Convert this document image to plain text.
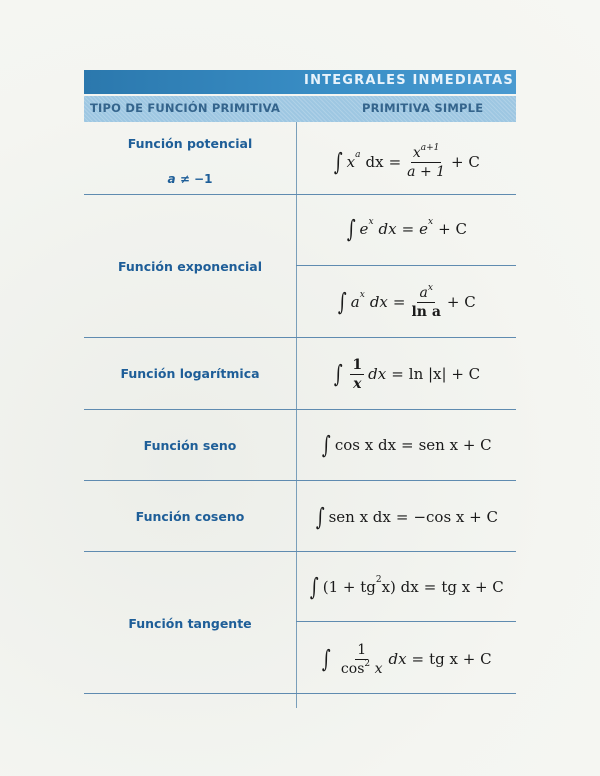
INTEGRALES INMEDIATAS
TIPO DE FUNCIÓN PRIMITIVA	PRIMITIVA SIMPLE
Función potencial
a ≠ −1
Función exponencial
Función logarítmica
Función seno
Función coseno
Función tangente
∫ x a dx = $\frac{x^{a+1}}{a + 1} + C$
∫ e x dx = e x + C
∫ a x dx = $\frac{a^x}{\text{ln a}} + C$
∫ $\frac{1}{x}$ dx = ln |x| + C
∫ cos x dx = sen x + C
∫ sen x dx = −cos x + C
∫ (1 + tg 2 x) dx = tg x + C
∫ $\frac{1}{\cos^2 x}$ dx = tg x + C
